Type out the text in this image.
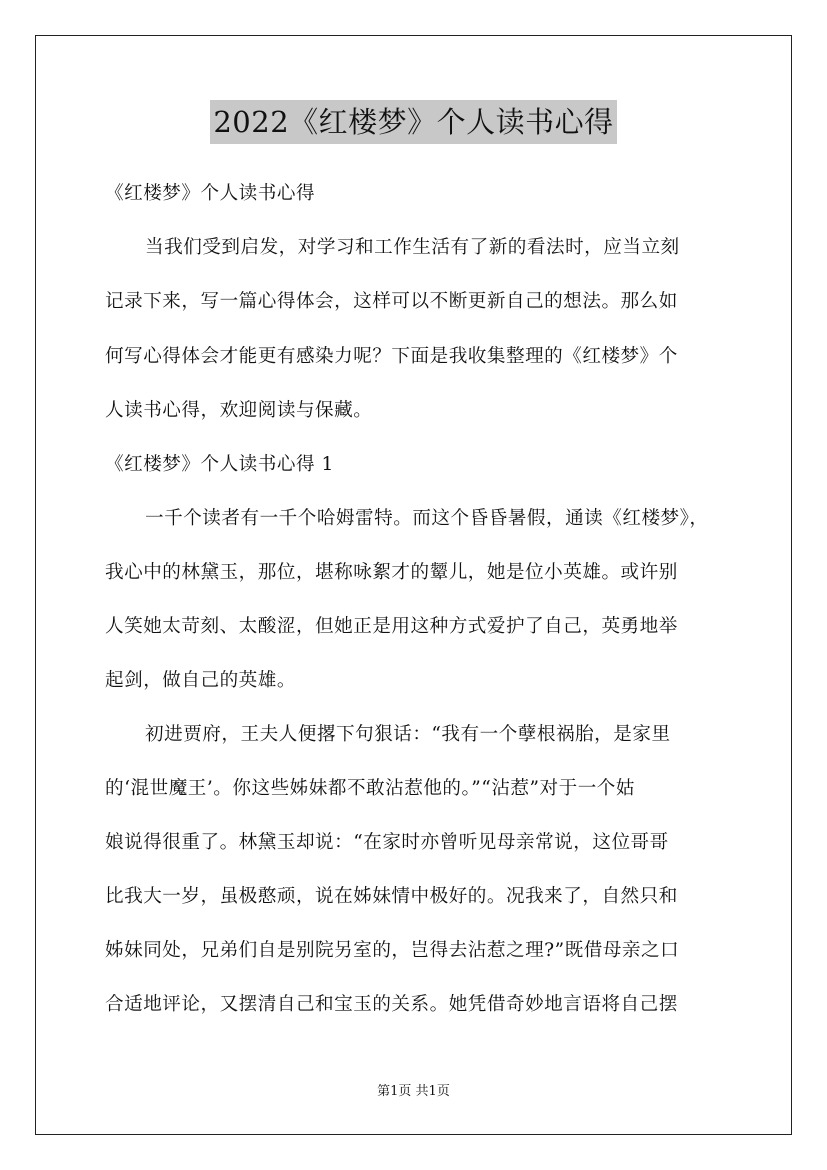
2022《红楼梦》个人读书心得
《红楼梦》个人读书心得
当我们受到启发，对学习和工作生活有了新的看法时，应当立刻
记录下来，写一篇心得体会，这样可以不断更新自己的想法。那么如
何写心得体会才能更有感染力呢？下面是我收集整理的《红楼梦》个
人读书心得，欢迎阅读与保藏。
《红楼梦》个人读书心得 1
一千个读者有一千个哈姆雷特。而这个昏昏暑假，通读《红楼梦》，
我心中的林黛玉，那位，堪称咏絮才的颦儿，她是位小英雄。或许别
人笑她太苛刻、太酸涩，但她正是用这种方式爱护了自己，英勇地举
起剑，做自己的英雄。
初进贾府，王夫人便撂下句狠话：“我有一个孽根祸胎，是家里
的‘混世魔王’。你这些姊妹都不敢沾惹他的。”“沾惹”对于一个姑
娘说得很重了。林黛玉却说：“在家时亦曾听见母亲常说，这位哥哥
比我大一岁，虽极憨顽，说在姊妹情中极好的。况我来了，自然只和
姊妹同处，兄弟们自是别院另室的，岂得去沾惹之理?”既借母亲之口
合适地评论，又摆清自己和宝玉的关系。她凭借奇妙地言语将自己摆
第1页 共1页
